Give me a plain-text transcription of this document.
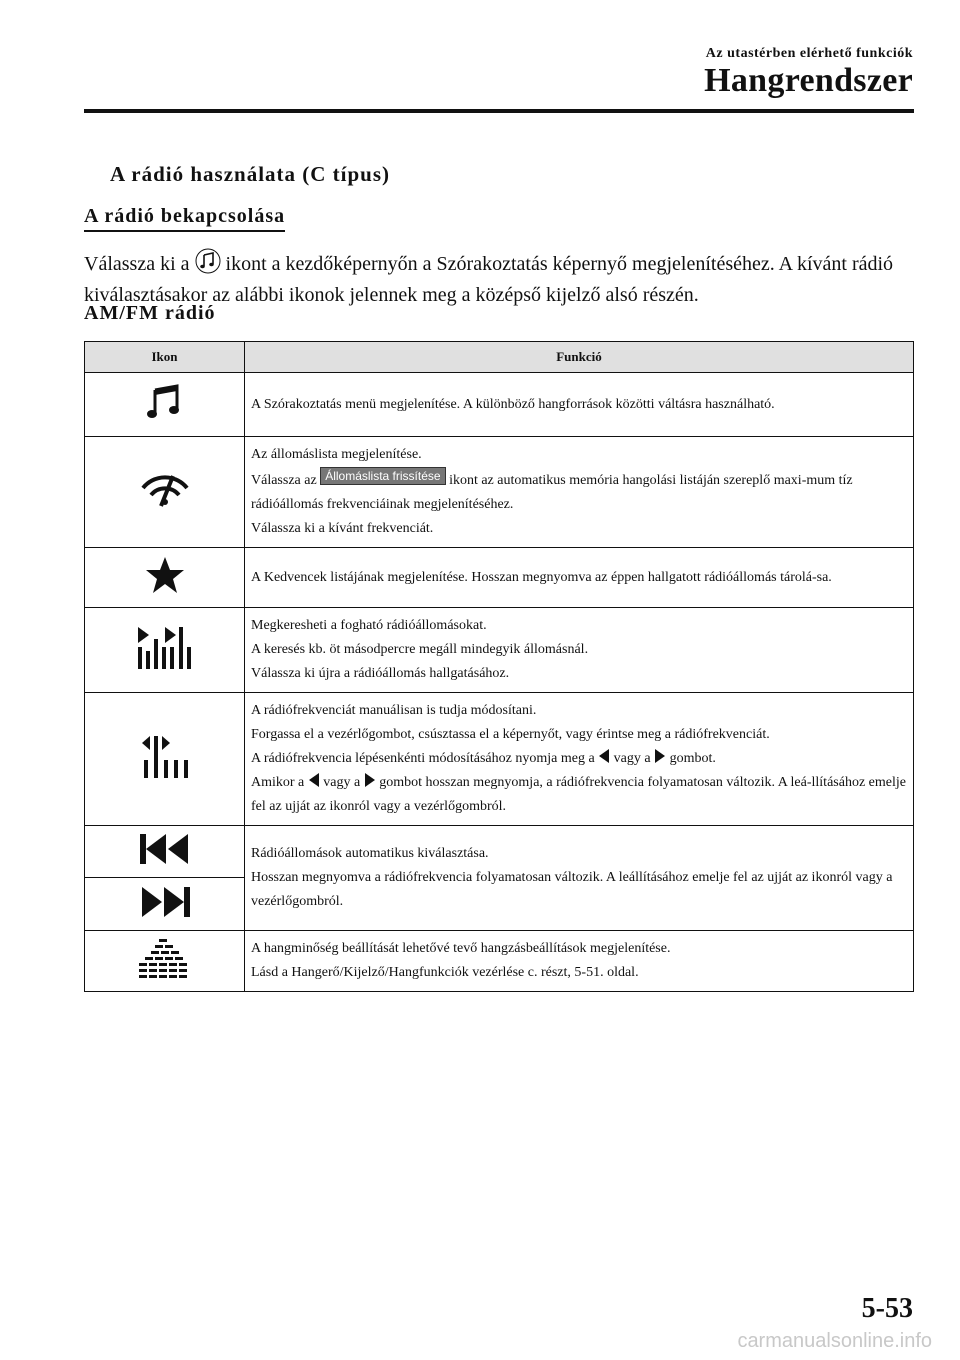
Az utastérben elérhető funkciók
Hangrendszer
A rádió használata (C típus)
A rádió bekapcsolása
Válassza ki a ikont a kezdőképernyőn a Szórakoztatás képernyő megjelenítéséhez. A kívánt rádió kiválasztásakor az alábbi ikonok jelennek meg a középső kijelző alsó részén.
AM/FM rádió
Ikon	Funkció
	A Szórakoztatás menü megjelenítése. A különböző hangforrások közötti váltásra használható.

Az állomáslista megjelenítése.
Válassza az Állomáslista frissítése ikont az automatikus memória hangolási listáján szereplő maxi-mum tíz rádióállomás frekvenciáinak megjelenítéséhez.
Válassza ki a kívánt frekvenciát.

	A Kedvencek listájának megjelenítése. Hosszan megnyomva az éppen hallgatott rádióállomás tárolá-sa.

Megkeresheti a fogható rádióállomásokat.
A keresés kb. öt másodpercre megáll mindegyik állomásnál.
Válassza ki újra a rádióállomás hallgatásához.

A rádiófrekvenciát manuálisan is tudja módosítani.
Forgassa el a vezérlőgombot, csúsztassa el a képernyőt, vagy érintse meg a rádiófrekvenciát.
A rádiófrekvencia lépésenkénti módosításához nyomja meg a vagy a gombot.
Amikor a vagy a gombot hosszan megnyomja, a rádiófrekvencia folyamatosan változik. A leá-llításához emelje fel az ujját az ikonról vagy a vezérlőgombról.

Rádióállomások automatikus kiválasztása.
Hosszan megnyomva a rádiófrekvencia folyamatosan változik. A leállításához emelje fel az ujját az ikonról vagy a vezérlőgombról.

A hangminőség beállítását lehetővé tevő hangzásbeállítások megjelenítése.
Lásd a Hangerő/Kijelző/Hangfunkciók vezérlése c. részt, 5-51. oldal.
5-53
carmanualsonline.info
